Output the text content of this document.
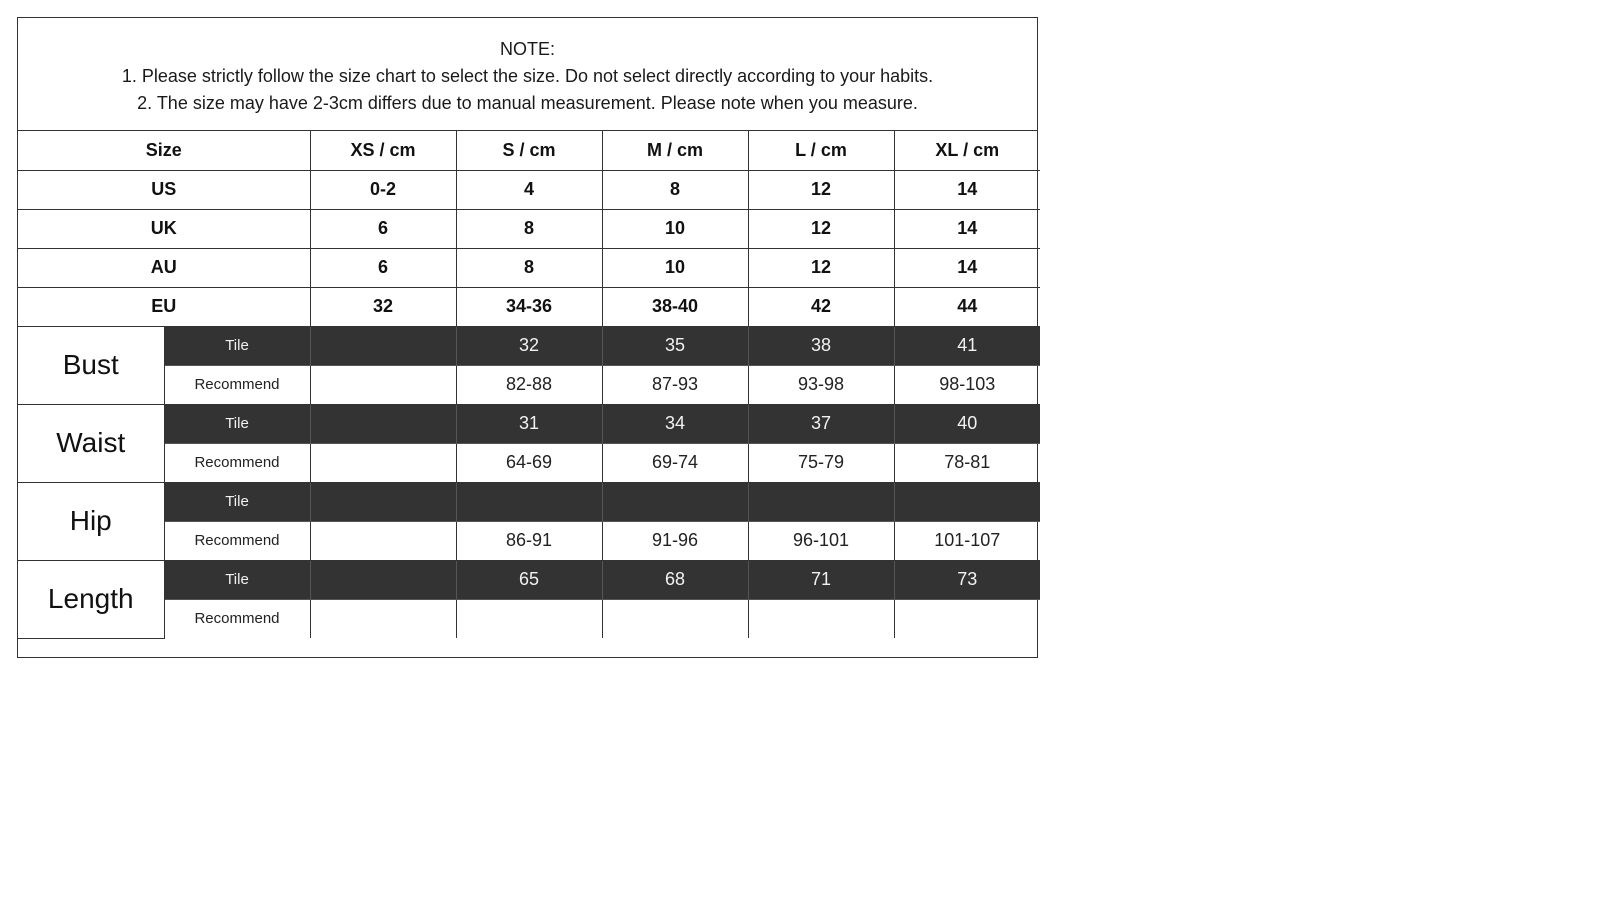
NOTE:
1. Please strictly follow the size chart to select the size. Do not select directly according to your habits.
2. The size may have 2-3cm differs due to manual measurement. Please note when you measure.
Size		XS / cm	S / cm	M / cm	L / cm	XL / cm
US		0-2	4	8	12	14
UK		6	8	10	12	14
AU		6	8	10	12	14
EU		32	34-36	38-40	42	44
Bust	Tile		32	35	38	41
	Recommend		82-88	87-93	93-98	98-103
Waist	Tile		31	34	37	40
	Recommend		64-69	69-74	75-79	78-81
Hip	Tile					
	Recommend		86-91	91-96	96-101	101-107
Length	Tile		65	68	71	73
	Recommend					
